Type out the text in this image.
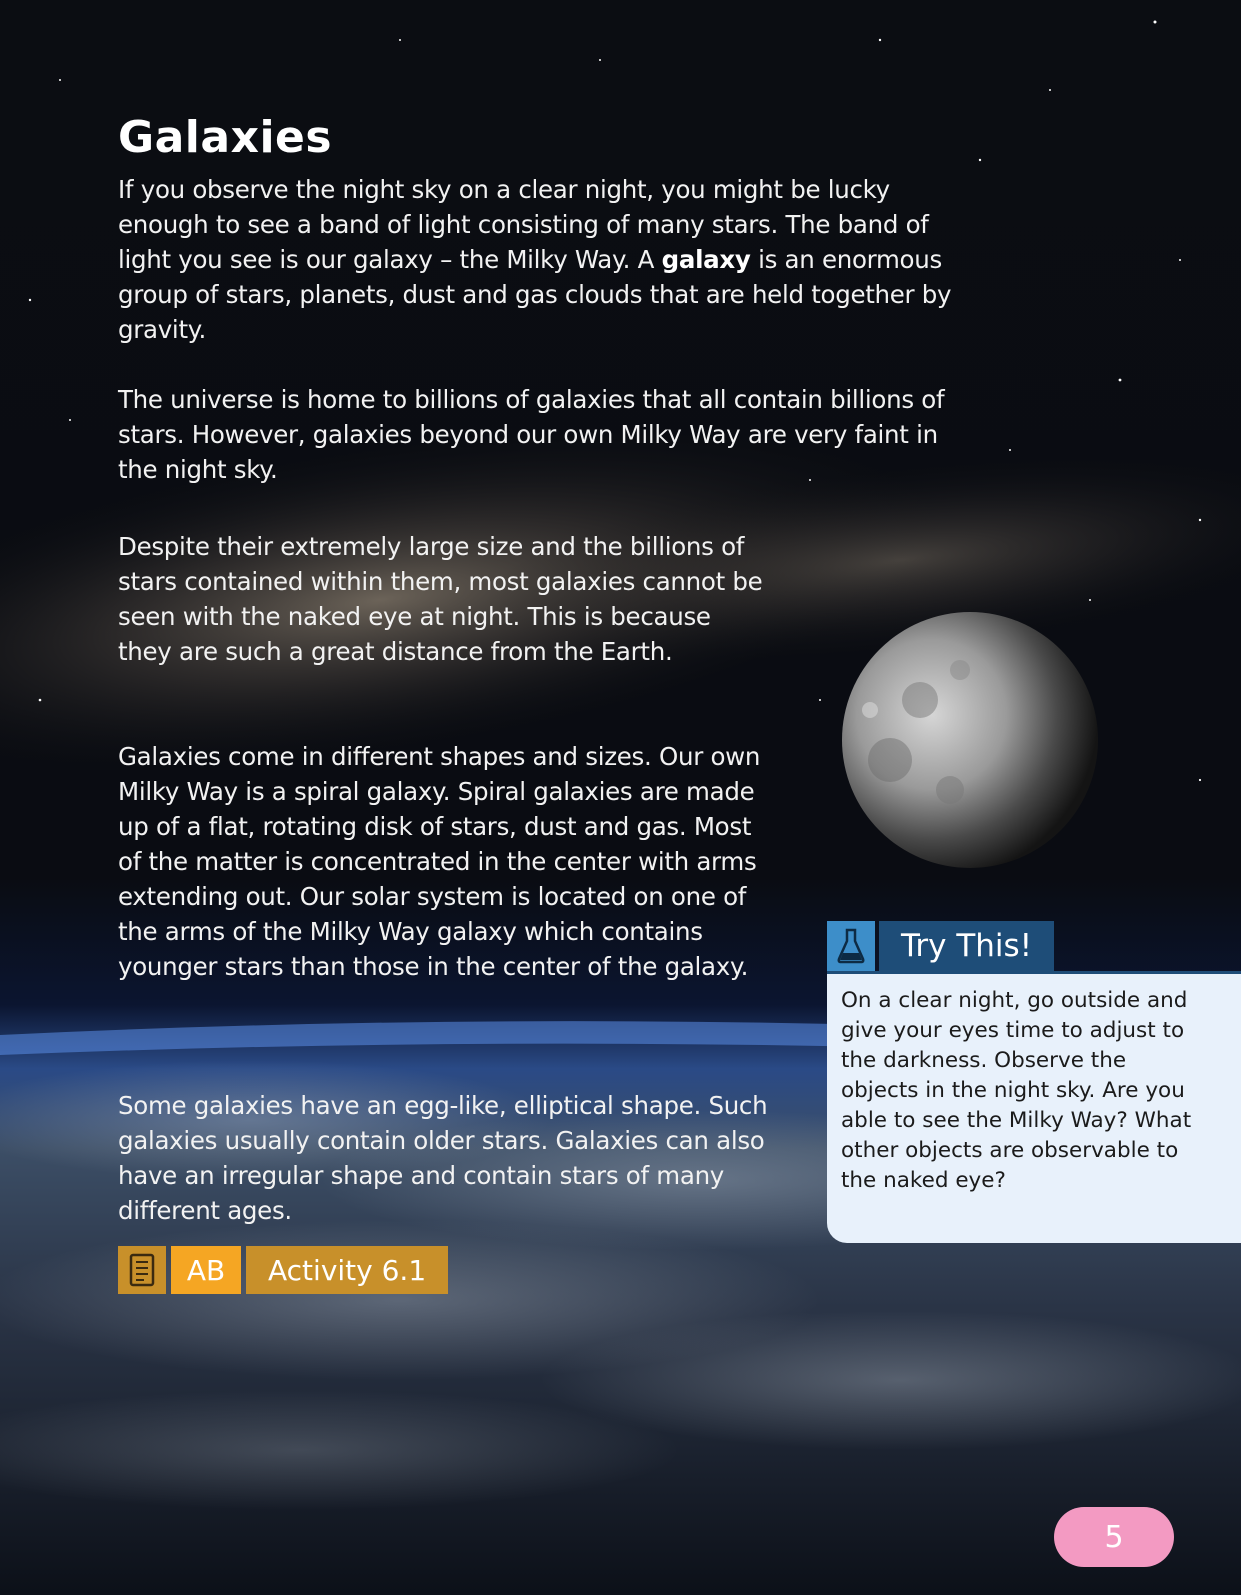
Galaxies

If you observe the night sky on a clear night, you might be lucky enough to see a band of light consisting of many stars. The band of light you see is our galaxy – the Milky Way. A galaxy is an enormous group of stars, planets, dust and gas clouds that are held together by gravity.

The universe is home to billions of galaxies that all contain billions of stars. However, galaxies beyond our own Milky Way are very faint in the night sky.

Despite their extremely large size and the billions of stars contained within them, most galaxies cannot be seen with the naked eye at night. This is because they are such a great distance from the Earth.

Galaxies come in different shapes and sizes. Our own Milky Way is a spiral galaxy. Spiral galaxies are made up of a flat, rotating disk of stars, dust and gas. Most of the matter is concentrated in the center with arms extending out. Our solar system is located on one of the arms of the Milky Way galaxy which contains younger stars than those in the center of the galaxy.

Some galaxies have an egg-like, elliptical shape. Such galaxies usually contain older stars. Galaxies can also have an irregular shape and contain stars of many different ages.

AB	Activity 6.1
Try This!

On a clear night, go outside and give your eyes time to adjust to the darkness. Observe the objects in the night sky. Are you able to see the Milky Way? What other objects are observable to the naked eye?

5
